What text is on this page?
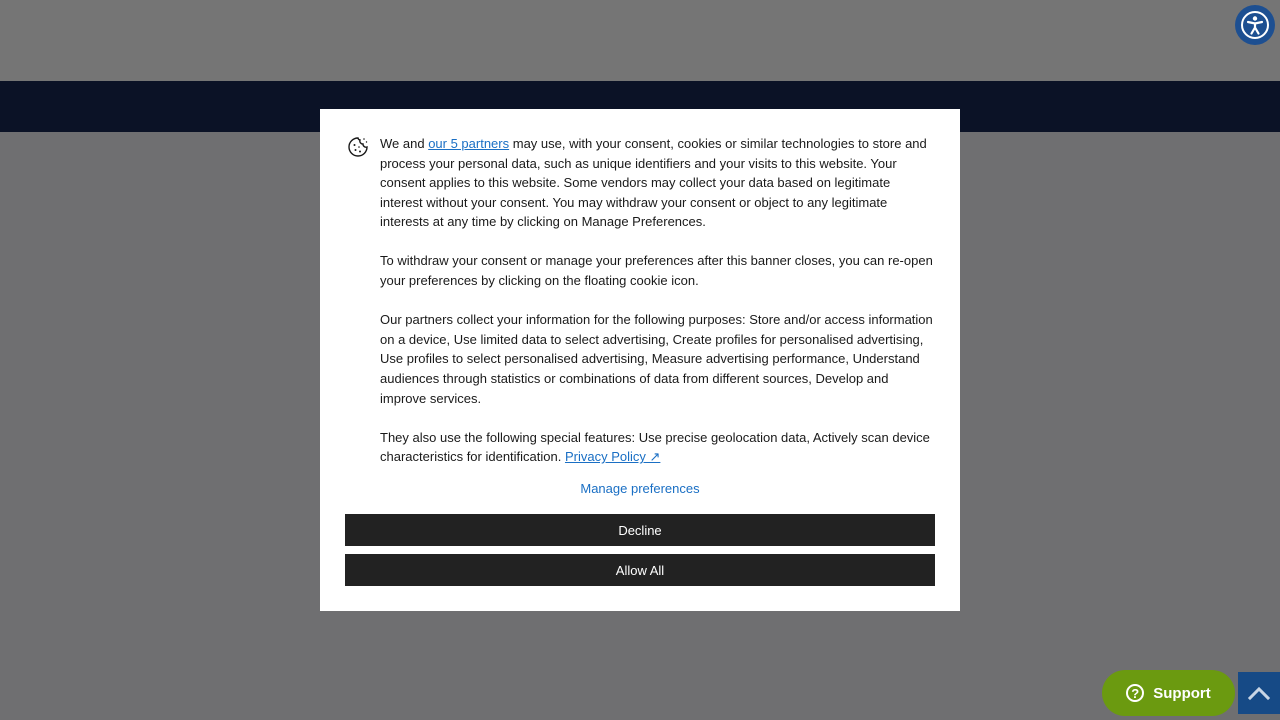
We and our 5 partners may use, with your consent, cookies or similar technologies to store and process your personal data, such as unique identifiers and your visits to this website. Your consent applies to this website. Some vendors may collect your data based on legitimate interest without your consent. You may withdraw your consent or object to any legitimate interests at any time by clicking on Manage Preferences.

To withdraw your consent or manage your preferences after this banner closes, you can re-open your preferences by clicking on the floating cookie icon.

Our partners collect your information for the following purposes: Store and/or access information on a device, Use limited data to select advertising, Create profiles for personalised advertising, Use profiles to select personalised advertising, Measure advertising performance, Understand audiences through statistics or combinations of data from different sources, Develop and improve services.

They also use the following special features: Use precise geolocation data, Actively scan device characteristics for identification. Privacy Policy ↗

Manage preferences
Decline
Allow All
? Support
